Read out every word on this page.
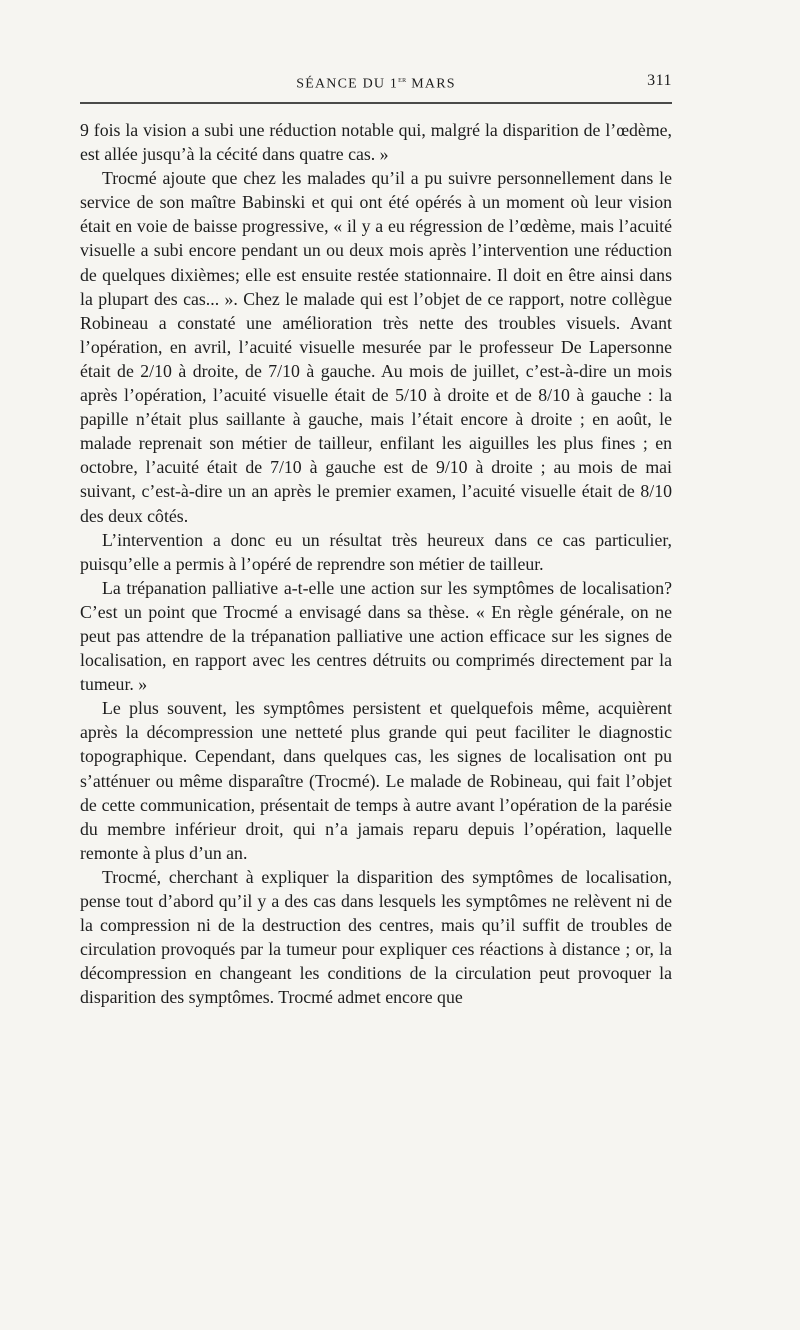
SÉANCE DU 1er MARS	311

9 fois la vision a subi une réduction notable qui, malgré la disparition de l’œdème, est allée jusqu’à la cécité dans quatre cas. »

Trocmé ajoute que chez les malades qu’il a pu suivre personnellement dans le service de son maître Babinski et qui ont été opérés à un moment où leur vision était en voie de baisse progressive, « il y a eu régression de l’œdème, mais l’acuité visuelle a subi encore pendant un ou deux mois après l’intervention une réduction de quelques dixièmes; elle est ensuite restée stationnaire. Il doit en être ainsi dans la plupart des cas... ». Chez le malade qui est l’objet de ce rapport, notre collègue Robineau a constaté une amélioration très nette des troubles visuels. Avant l’opération, en avril, l’acuité visuelle mesurée par le professeur De Lapersonne était de 2/10 à droite, de 7/10 à gauche. Au mois de juillet, c’est-à-dire un mois après l’opération, l’acuité visuelle était de 5/10 à droite et de 8/10 à gauche : la papille n’était plus saillante à gauche, mais l’était encore à droite ; en août, le malade reprenait son métier de tailleur, enfilant les aiguilles les plus fines ; en octobre, l’acuité était de 7/10 à gauche est de 9/10 à droite ; au mois de mai suivant, c’est-à-dire un an après le premier examen, l’acuité visuelle était de 8/10 des deux côtés.

L’intervention a donc eu un résultat très heureux dans ce cas particulier, puisqu’elle a permis à l’opéré de reprendre son métier de tailleur.

La trépanation palliative a-t-elle une action sur les symptômes de localisation? C’est un point que Trocmé a envisagé dans sa thèse. « En règle générale, on ne peut pas attendre de la trépanation palliative une action efficace sur les signes de localisation, en rapport avec les centres détruits ou comprimés directement par la tumeur. »

Le plus souvent, les symptômes persistent et quelquefois même, acquièrent après la décompression une netteté plus grande qui peut faciliter le diagnostic topographique. Cependant, dans quelques cas, les signes de localisation ont pu s’atténuer ou même disparaître (Trocmé). Le malade de Robineau, qui fait l’objet de cette communication, présentait de temps à autre avant l’opération de la parésie du membre inférieur droit, qui n’a jamais reparu depuis l’opération, laquelle remonte à plus d’un an.

Trocmé, cherchant à expliquer la disparition des symptômes de localisation, pense tout d’abord qu’il y a des cas dans lesquels les symptômes ne relèvent ni de la compression ni de la destruction des centres, mais qu’il suffit de troubles de circulation provoqués par la tumeur pour expliquer ces réactions à distance ; or, la décompression en changeant les conditions de la circulation peut provoquer la disparition des symptômes. Trocmé admet encore que
